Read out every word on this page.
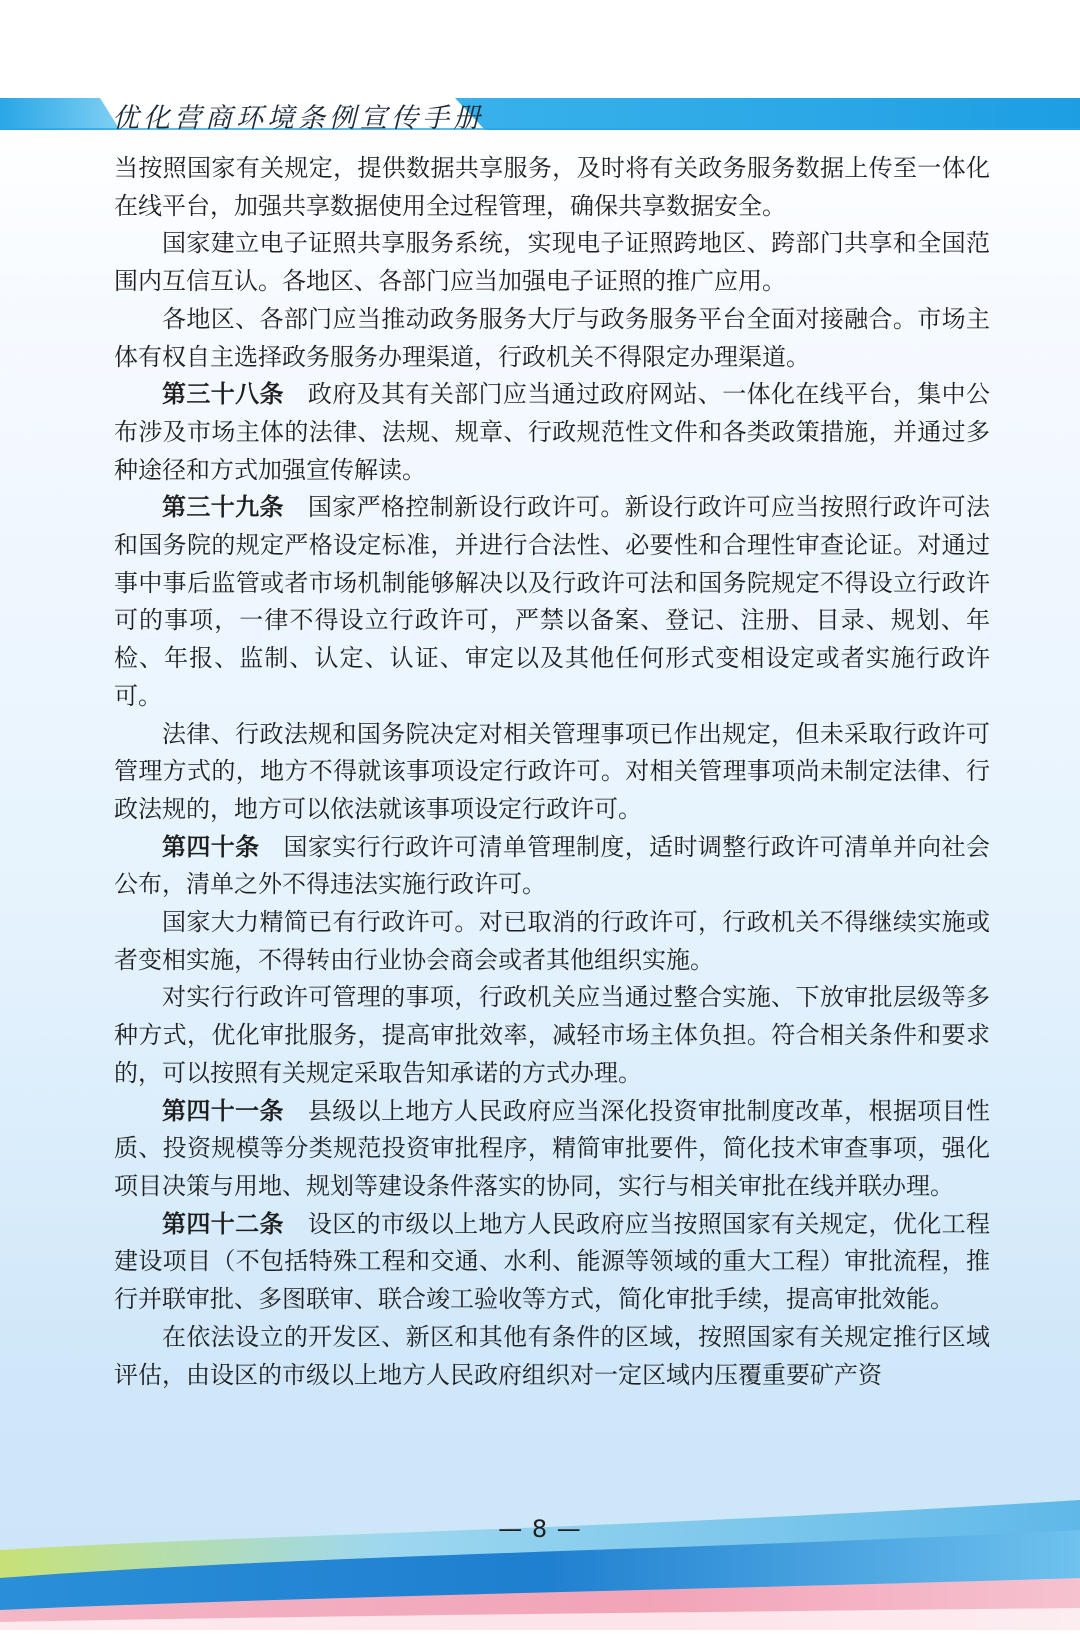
优化营商环境条例宣传手册

当按照国家有关规定，提供数据共享服务，及时将有关政务服务数据上传至一体化在线平台，加强共享数据使用全过程管理，确保共享数据安全。

国家建立电子证照共享服务系统，实现电子证照跨地区、跨部门共享和全国范围内互信互认。各地区、各部门应当加强电子证照的推广应用。

各地区、各部门应当推动政务服务大厅与政务服务平台全面对接融合。市场主体有权自主选择政务服务办理渠道，行政机关不得限定办理渠道。

第三十八条 政府及其有关部门应当通过政府网站、一体化在线平台，集中公布涉及市场主体的法律、法规、规章、行政规范性文件和各类政策措施，并通过多种途径和方式加强宣传解读。

第三十九条 国家严格控制新设行政许可。新设行政许可应当按照行政许可法和国务院的规定严格设定标准，并进行合法性、必要性和合理性审查论证。对通过事中事后监管或者市场机制能够解决以及行政许可法和国务院规定不得设立行政许可的事项，一律不得设立行政许可，严禁以备案、登记、注册、目录、规划、年检、年报、监制、认定、认证、审定以及其他任何形式变相设定或者实施行政许可。

法律、行政法规和国务院决定对相关管理事项已作出规定，但未采取行政许可管理方式的，地方不得就该事项设定行政许可。对相关管理事项尚未制定法律、行政法规的，地方可以依法就该事项设定行政许可。

第四十条 国家实行行政许可清单管理制度，适时调整行政许可清单并向社会公布，清单之外不得违法实施行政许可。

国家大力精简已有行政许可。对已取消的行政许可，行政机关不得继续实施或者变相实施，不得转由行业协会商会或者其他组织实施。

对实行行政许可管理的事项，行政机关应当通过整合实施、下放审批层级等多种方式，优化审批服务，提高审批效率，减轻市场主体负担。符合相关条件和要求的，可以按照有关规定采取告知承诺的方式办理。

第四十一条 县级以上地方人民政府应当深化投资审批制度改革，根据项目性质、投资规模等分类规范投资审批程序，精简审批要件，简化技术审查事项，强化项目决策与用地、规划等建设条件落实的协同，实行与相关审批在线并联办理。

第四十二条 设区的市级以上地方人民政府应当按照国家有关规定，优化工程建设项目（不包括特殊工程和交通、水利、能源等领域的重大工程）审批流程，推行并联审批、多图联审、联合竣工验收等方式，简化审批手续，提高审批效能。

在依法设立的开发区、新区和其他有条件的区域，按照国家有关规定推行区域评估，由设区的市级以上地方人民政府组织对一定区域内压覆重要矿产资

— 8 —
